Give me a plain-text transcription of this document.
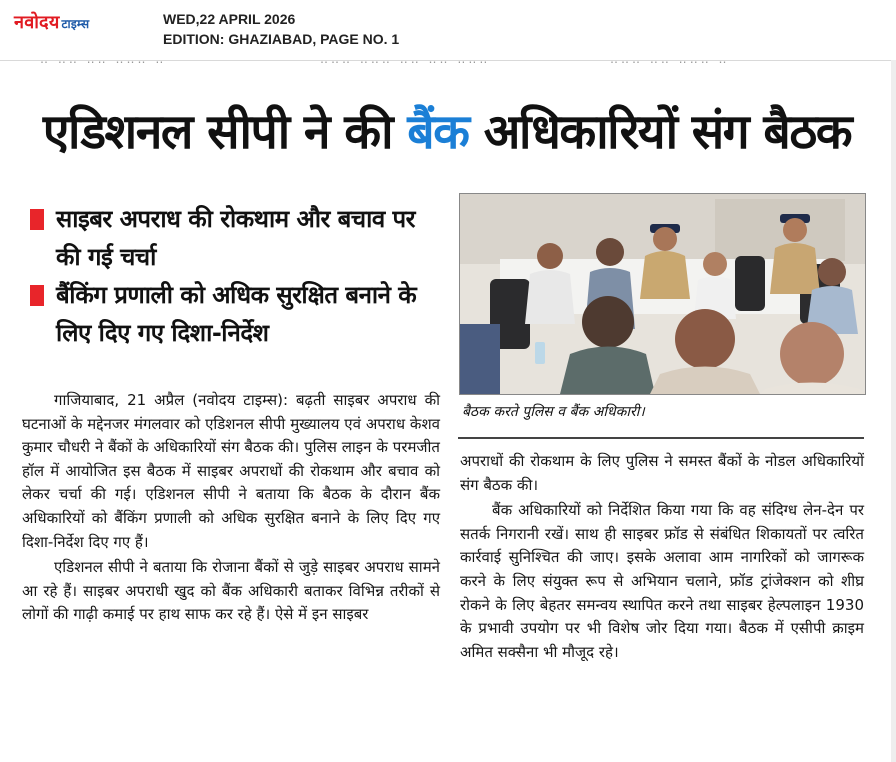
नवोदय टाइम्स	WED,22 APRIL 2026
EDITION: GHAZIABAD, PAGE NO. 1
‥ ‥‥ ‥‥ ‥‥‥ ‥	‥‥‥ ‥‥‥ ‥‥ ‥‥ ‥‥‥	‥‥‥ ‥‥ ‥‥‥ ‥
एडिशनल सीपी ने की बैंक अधिकारियों संग बैठक
साइबर अपराध की रोकथाम और बचाव पर की गई चर्चा
बैंकिंग प्रणाली को अधिक सुरक्षित बनाने के लिए दिए गए दिशा-निर्देश
बैठक करते पुलिस व बैंक अधिकारी।

गाजियाबाद, 21 अप्रैल (नवोदय टाइम्स): बढ़ती साइबर अपराध की घटनाओं के मद्देनजर मंगलवार को एडिशनल सीपी मुख्यालय एवं अपराध केशव कुमार चौधरी ने बैंकों के अधिकारियों संग बैठक की। पुलिस लाइन के परमजीत हॉल में आयोजित इस बैठक में साइबर अपराधों की रोकथाम और बचाव को लेकर चर्चा की गई। एडिशनल सीपी ने बताया कि बैठक के दौरान बैंक अधिकारियों को बैंकिंग प्रणाली को अधिक सुरक्षित बनाने के लिए दिए गए दिशा-निर्देश दिए गए हैं।

एडिशनल सीपी ने बताया कि रोजाना बैंकों से जुड़े साइबर अपराध सामने आ रहे हैं। साइबर अपराधी खुद को बैंक अधिकारी बताकर विभिन्न तरीकों से लोगों की गाढ़ी कमाई पर हाथ साफ कर रहे हैं। ऐसे में इन साइबर

अपराधों की रोकथाम के लिए पुलिस ने समस्त बैंकों के नोडल अधिकारियों संग बैठक की।

बैंक अधिकारियों को निर्देशित किया गया कि वह संदिग्ध लेन-देन पर सतर्क निगरानी रखें। साथ ही साइबर फ्रॉड से संबंधित शिकायतों पर त्वरित कार्रवाई सुनिश्चित की जाए। इसके अलावा आम नागरिकों को जागरूक करने के लिए संयुक्त रूप से अभियान चलाने, फ्रॉड ट्रांजेक्शन को शीघ्र रोकने के लिए बेहतर समन्वय स्थापित करने तथा साइबर हेल्पलाइन 1930 के प्रभावी उपयोग पर भी विशेष जोर दिया गया। बैठक में एसीपी क्राइम अमित सक्सैना भी मौजूद रहे।
